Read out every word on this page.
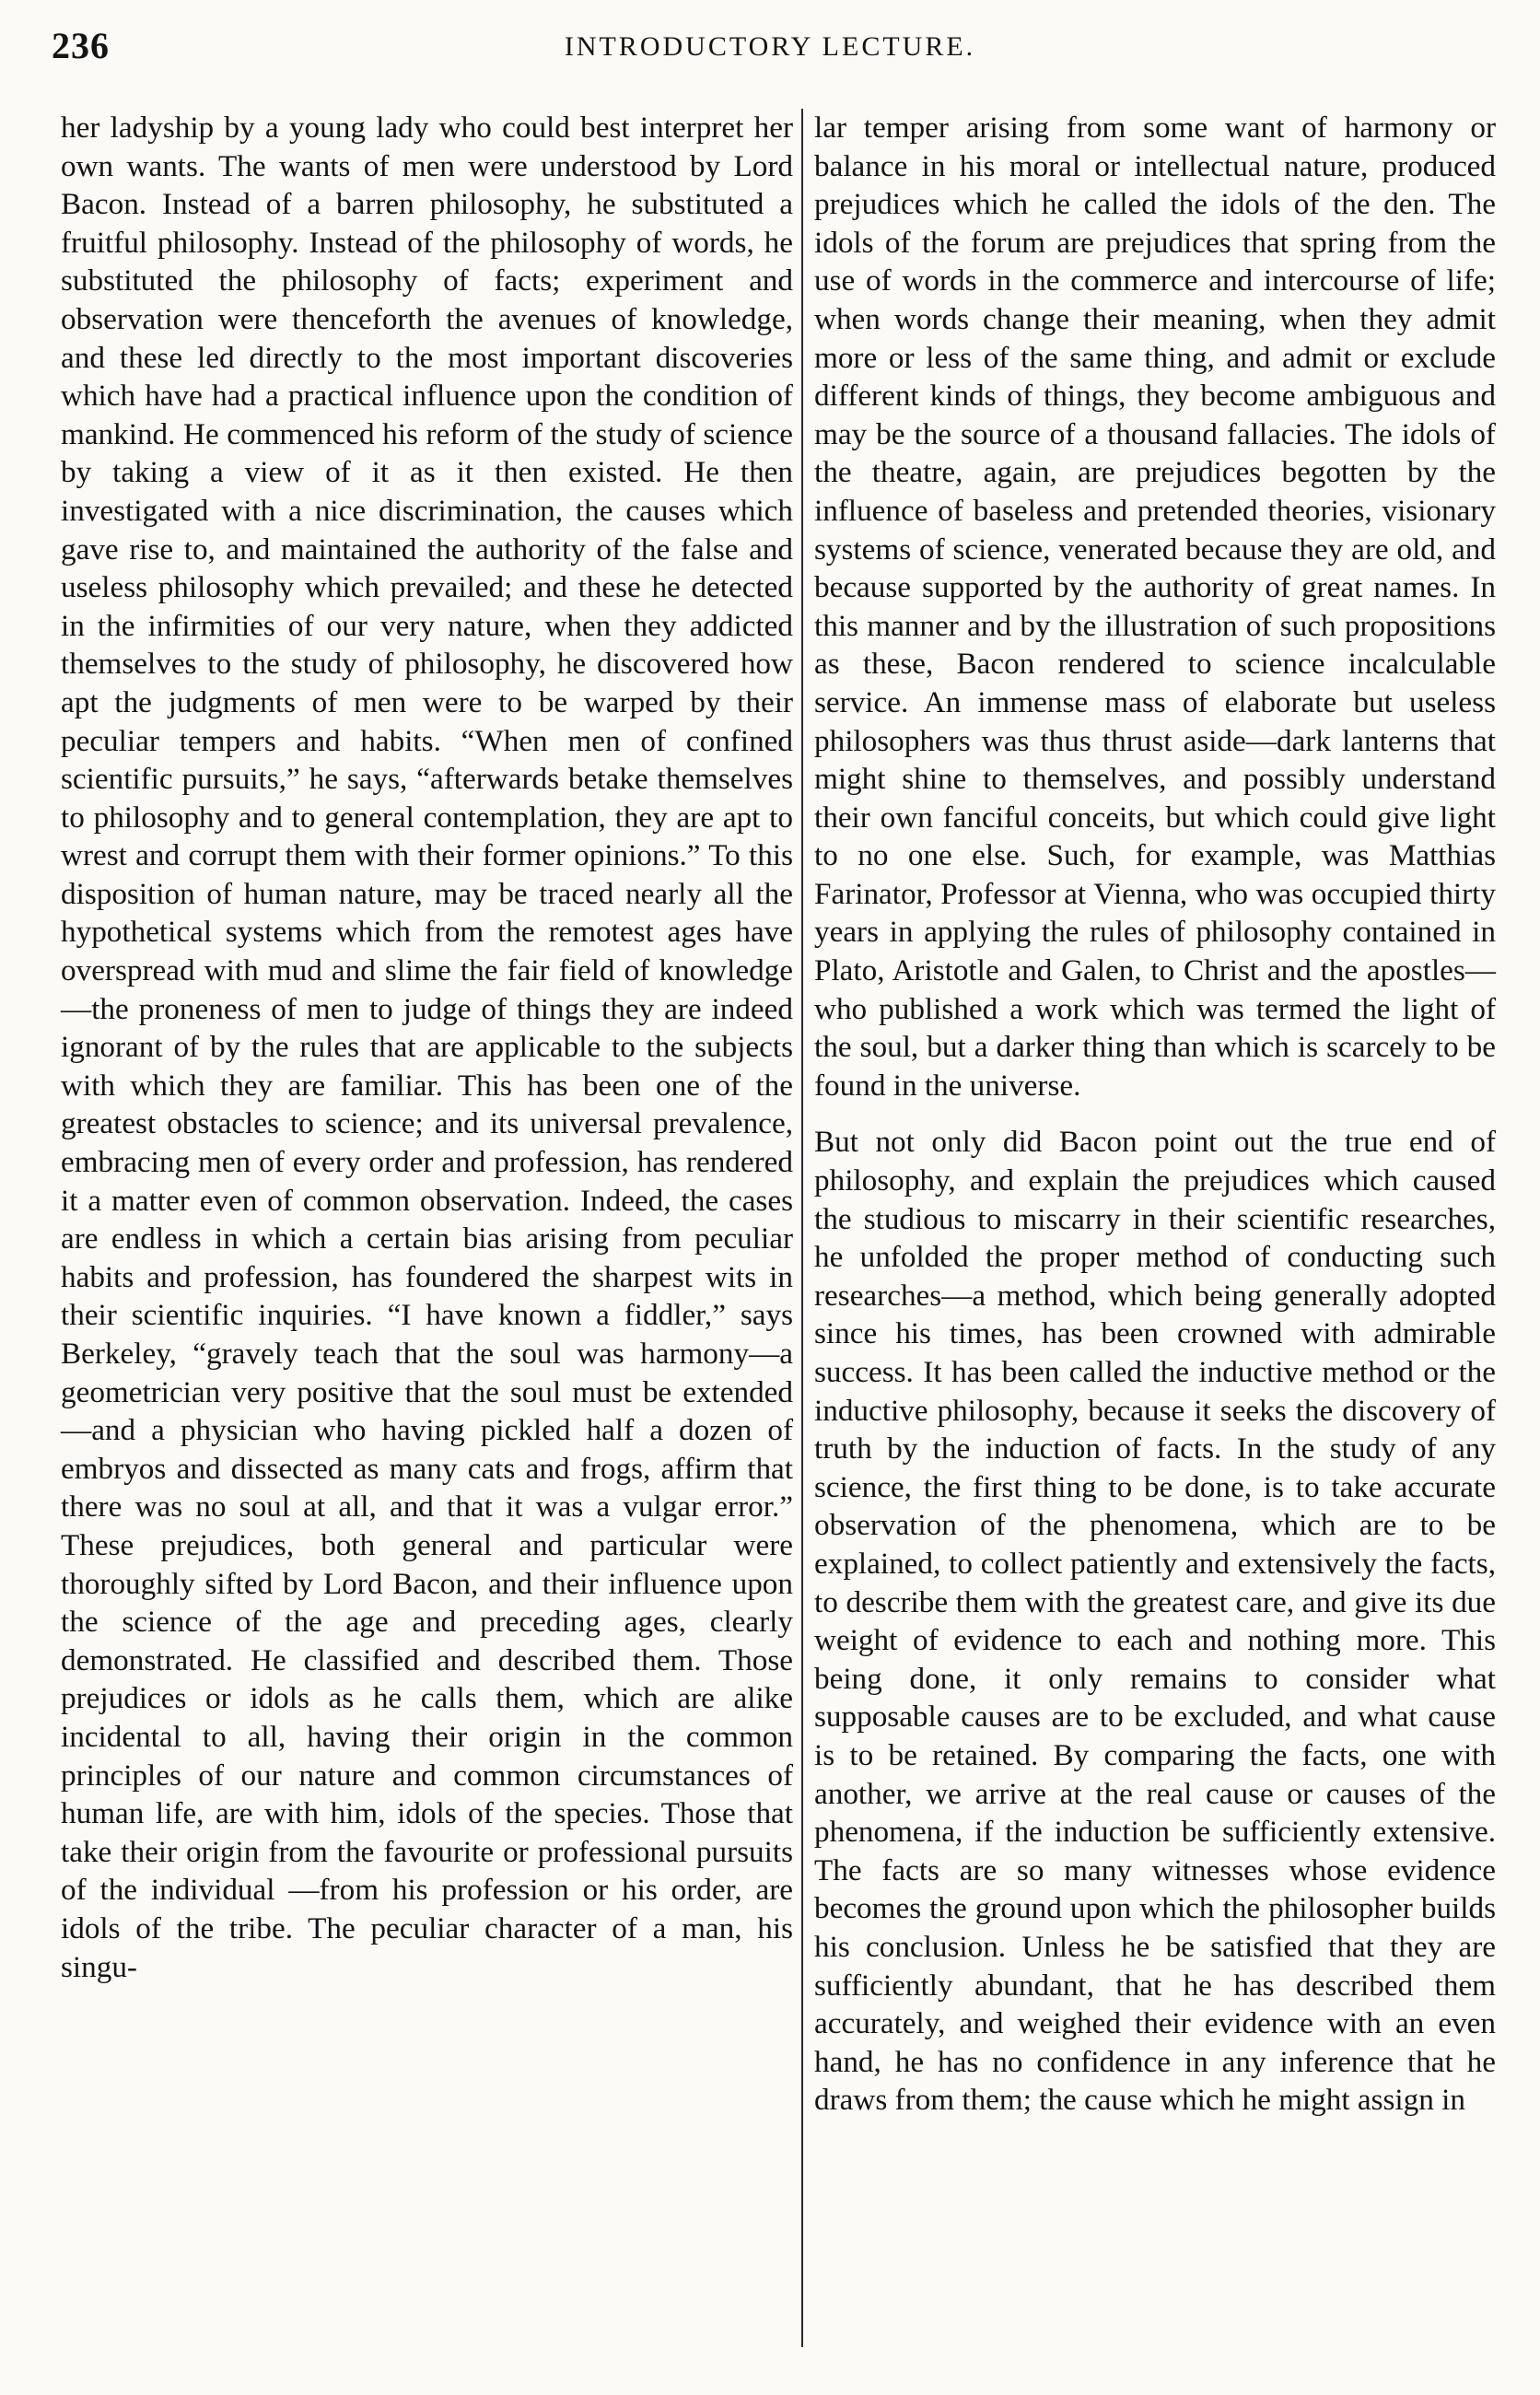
236	INTRODUCTORY LECTURE.

her ladyship by a young lady who could best interpret her own wants. The wants of men were understood by Lord Bacon. Instead of a barren philosophy, he substituted a fruitful philosophy. Instead of the philosophy of words, he substituted the philosophy of facts; experiment and observation were thenceforth the avenues of knowledge, and these led directly to the most important discoveries which have had a practical influence upon the condition of mankind. He commenced his reform of the study of science by taking a view of it as it then existed. He then investigated with a nice discrimination, the causes which gave rise to, and maintained the authority of the false and useless philosophy which prevailed; and these he detected in the infirmities of our very nature, when they addicted themselves to the study of philosophy, he discovered how apt the judgments of men were to be warped by their peculiar tempers and habits. “When men of confined scientific pursuits,” he says, “afterwards betake themselves to philosophy and to general contemplation, they are apt to wrest and corrupt them with their former opinions.” To this disposition of human nature, may be traced nearly all the hypothetical systems which from the remotest ages have overspread with mud and slime the fair field of knowledge—the proneness of men to judge of things they are indeed ignorant of by the rules that are applicable to the subjects with which they are familiar. This has been one of the greatest obstacles to science; and its universal prevalence, embracing men of every order and profession, has rendered it a matter even of common observation. Indeed, the cases are endless in which a certain bias arising from peculiar habits and profession, has foundered the sharpest wits in their scientific inquiries. “I have known a fiddler,” says Berkeley, “gravely teach that the soul was harmony—a geometrician very positive that the soul must be extended—and a physician who having pickled half a dozen of embryos and dissected as many cats and frogs, affirm that there was no soul at all, and that it was a vulgar error.” These prejudices, both general and particular were thoroughly sifted by Lord Bacon, and their influence upon the science of the age and preceding ages, clearly demonstrated. He classified and described them. Those prejudices or idols as he calls them, which are alike incidental to all, having their origin in the common principles of our nature and common circumstances of human life, are with him, idols of the species. Those that take their origin from the favourite or professional pursuits of the individual —from his profession or his order, are idols of the tribe. The peculiar character of a man, his singu-

lar temper arising from some want of harmony or balance in his moral or intellectual nature, produced prejudices which he called the idols of the den. The idols of the forum are prejudices that spring from the use of words in the commerce and intercourse of life; when words change their meaning, when they admit more or less of the same thing, and admit or exclude different kinds of things, they become ambiguous and may be the source of a thousand fallacies. The idols of the theatre, again, are prejudices begotten by the influence of baseless and pretended theories, visionary systems of science, venerated because they are old, and because supported by the authority of great names. In this manner and by the illustration of such propositions as these, Bacon rendered to science incalculable service. An immense mass of elaborate but useless philosophers was thus thrust aside—dark lanterns that might shine to themselves, and possibly understand their own fanciful conceits, but which could give light to no one else. Such, for example, was Matthias Farinator, Professor at Vienna, who was occupied thirty years in applying the rules of philosophy contained in Plato, Aristotle and Galen, to Christ and the apostles—who published a work which was termed the light of the soul, but a darker thing than which is scarcely to be found in the universe.

But not only did Bacon point out the true end of philosophy, and explain the prejudices which caused the studious to miscarry in their scientific researches, he unfolded the proper method of conducting such researches—a method, which being generally adopted since his times, has been crowned with admirable success. It has been called the inductive method or the inductive philosophy, because it seeks the discovery of truth by the induction of facts. In the study of any science, the first thing to be done, is to take accurate observation of the phenomena, which are to be explained, to collect patiently and extensively the facts, to describe them with the greatest care, and give its due weight of evidence to each and nothing more. This being done, it only remains to consider what supposable causes are to be excluded, and what cause is to be retained. By comparing the facts, one with another, we arrive at the real cause or causes of the phenomena, if the induction be sufficiently extensive. The facts are so many witnesses whose evidence becomes the ground upon which the philosopher builds his conclusion. Unless he be satisfied that they are sufficiently abundant, that he has described them accurately, and weighed their evidence with an even hand, he has no confidence in any inference that he draws from them; the cause which he might assign in
